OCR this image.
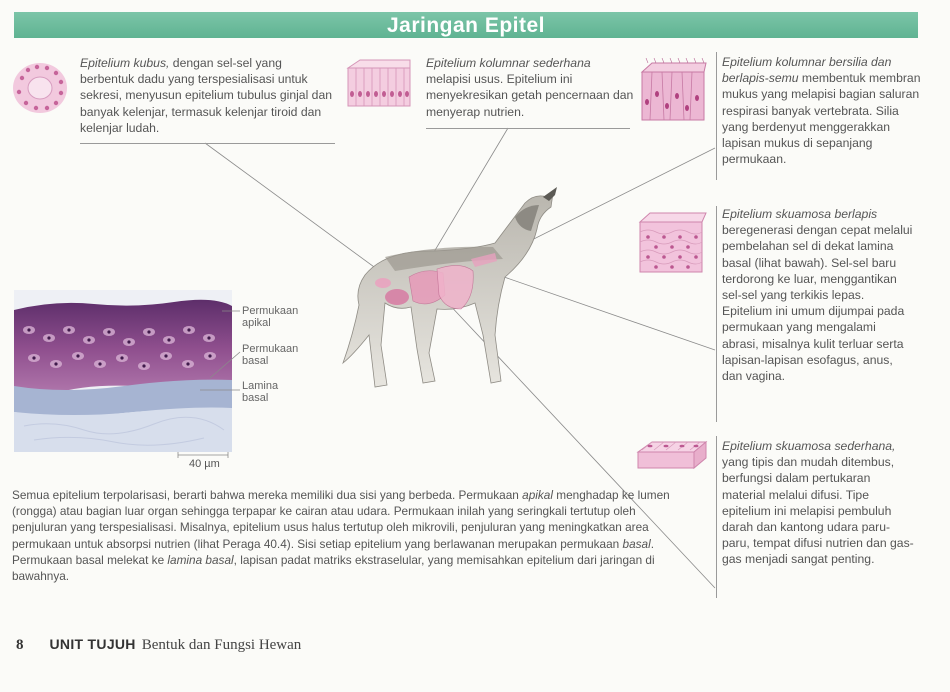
Jaringan Epitel
Epitelium kubus, dengan sel-sel yang berbentuk dadu yang terspesialisasi untuk sekresi, menyusun epitelium tubulus ginjal dan banyak kelenjar, termasuk kelenjar tiroid dan kelenjar ludah.
Epitelium kolumnar sederhana melapisi usus. Epitelium ini menyekresikan getah pencernaan dan menyerap nutrien.
Epitelium kolumnar bersilia dan berlapis-semu membentuk membran mukus yang melapisi bagian saluran respirasi banyak vertebrata. Silia yang berdenyut menggerakkan lapisan mukus di sepanjang permukaan.
Epitelium skuamosa berlapis beregenerasi dengan cepat melalui pembelahan sel di dekat lamina basal (lihat bawah). Sel-sel baru terdorong ke luar, menggantikan sel-sel yang terkikis lepas. Epitelium ini umum dijumpai pada permukaan yang mengalami abrasi, misalnya kulit terluar serta lapisan-lapisan esofagus, anus, dan vagina.
Epitelium skuamosa sederhana, yang tipis dan mudah ditembus, berfungsi dalam pertukaran material melalui difusi. Tipe epitelium ini melapisi pembuluh darah dan kantong udara paru-paru, tempat difusi nutrien dan gas-gas menjadi sangat penting.
Permukaan apikal
Permukaan basal
Lamina basal
40 µm
Semua epitelium terpolarisasi, berarti bahwa mereka memiliki dua sisi yang berbeda. Permukaan apikal menghadap ke lumen (rongga) atau bagian luar organ sehingga terpapar ke cairan atau udara. Permukaan inilah yang seringkali tertutup oleh penjuluran yang terspesialisasi. Misalnya, epitelium usus halus tertutup oleh mikrovili, penjuluran yang meningkatkan area permukaan untuk absorpsi nutrien (lihat Peraga 40.4). Sisi setiap epitelium yang berlawanan merupakan permukaan basal. Permukaan basal melekat ke lamina basal, lapisan padat matriks ekstraselular, yang memisahkan epitelium dari jaringan di bawahnya.
8 UNIT TUJUH Bentuk dan Fungsi Hewan
